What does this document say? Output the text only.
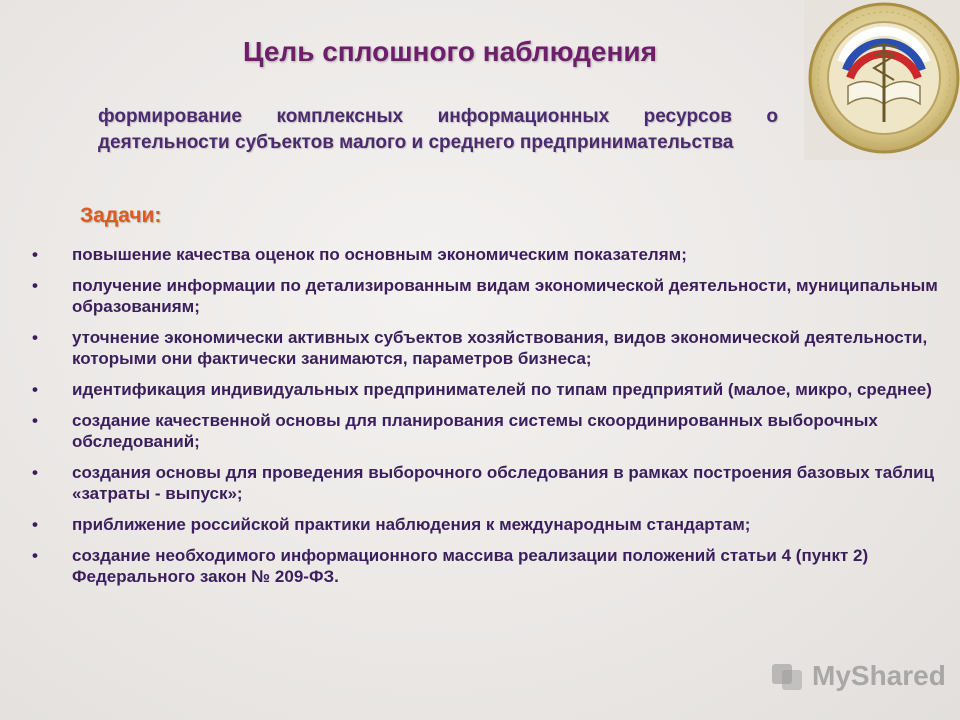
Цель сплошного наблюдения
формирование комплексных информационных ресурсов о деятельности субъектов малого и среднего предпринимательства
Задачи:
• повышение качества оценок по основным экономическим показателям;
• получение информации по детализированным видам экономической деятельности, муниципальным образованиям;
• уточнение экономически активных субъектов хозяйствования, видов экономической деятельности, которыми они фактически занимаются, параметров бизнеса;
• идентификация индивидуальных предпринимателей по типам предприятий (малое, микро, среднее)
• создание качественной основы для планирования системы скоординированных выборочных обследований;
• создания основы для проведения выборочного обследования в рамках построения базовых таблиц «затраты - выпуск»;
• приближение российской практики наблюдения к международным стандартам;
• создание необходимого информационного массива реализации положений статьи 4 (пункт 2) Федерального закон № 209-ФЗ.
MyShared
